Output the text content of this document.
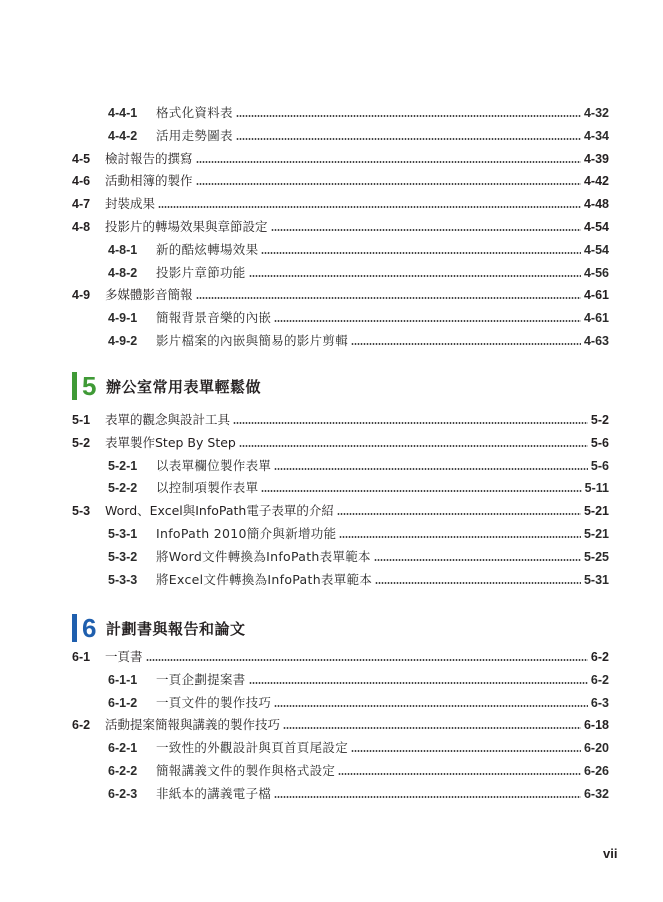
4-4-1	格式化資料表	4-32
4-4-2	活用走勢圖表	4-34
4-5	檢討報告的撰寫	4-39
4-6	活動相簿的製作	4-42
4-7	封裝成果	4-48
4-8	投影片的轉場效果與章節設定	4-54
4-8-1	新的酷炫轉場效果	4-54
4-8-2	投影片章節功能	4-56
4-9	多媒體影音簡報	4-61
4-9-1	簡報背景音樂的內嵌	4-61
4-9-2	影片檔案的內嵌與簡易的影片剪輯	4-63
5 辦公室常用表單輕鬆做
5-1	表單的觀念與設計工具	5-2
5-2	表單製作Step By Step	5-6
5-2-1	以表單欄位製作表單	5-6
5-2-2	以控制項製作表單	5-11
5-3	Word、Excel與InfoPath電子表單的介紹	5-21
5-3-1	InfoPath 2010簡介與新增功能	5-21
5-3-2	將Word文件轉換為InfoPath表單範本	5-25
5-3-3	將Excel文件轉換為InfoPath表單範本	5-31
6 計劃書與報告和論文
6-1	一頁書	6-2
6-1-1	一頁企劃提案書	6-2
6-1-2	一頁文件的製作技巧	6-3
6-2	活動提案簡報與講義的製作技巧	6-18
6-2-1	一致性的外觀設計與頁首頁尾設定	6-20
6-2-2	簡報講義文件的製作與格式設定	6-26
6-2-3	非紙本的講義電子檔	6-32
vii
